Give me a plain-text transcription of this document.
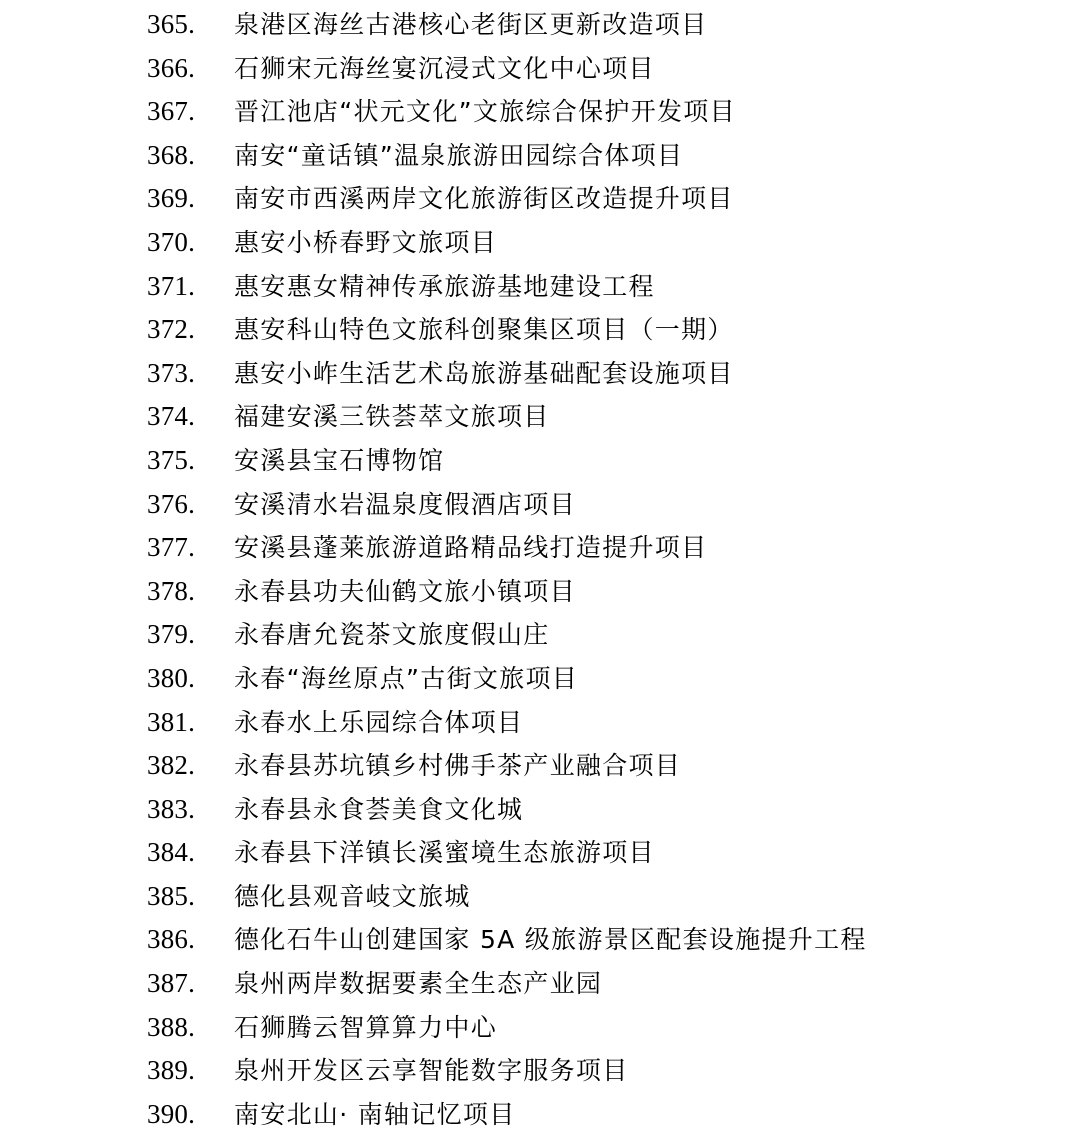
365. 泉港区海丝古港核心老街区更新改造项目
366. 石狮宋元海丝宴沉浸式文化中心项目
367. 晋江池店“状元文化”文旅综合保护开发项目
368. 南安“童话镇”温泉旅游田园综合体项目
369. 南安市西溪两岸文化旅游街区改造提升项目
370. 惠安小桥春野文旅项目
371. 惠安惠女精神传承旅游基地建设工程
372. 惠安科山特色文旅科创聚集区项目（一期）
373. 惠安小岞生活艺术岛旅游基础配套设施项目
374. 福建安溪三铁荟萃文旅项目
375. 安溪县宝石博物馆
376. 安溪清水岩温泉度假酒店项目
377. 安溪县蓬莱旅游道路精品线打造提升项目
378. 永春县功夫仙鹤文旅小镇项目
379. 永春唐允瓷茶文旅度假山庄
380. 永春“海丝原点”古街文旅项目
381. 永春水上乐园综合体项目
382. 永春县苏坑镇乡村佛手茶产业融合项目
383. 永春县永食荟美食文化城
384. 永春县下洋镇长溪蜜境生态旅游项目
385. 德化县观音岐文旅城
386. 德化石牛山创建国家 5A 级旅游景区配套设施提升工程
387. 泉州两岸数据要素全生态产业园
388. 石狮腾云智算算力中心
389. 泉州开发区云享智能数字服务项目
390. 南安北山· 南轴记忆项目
